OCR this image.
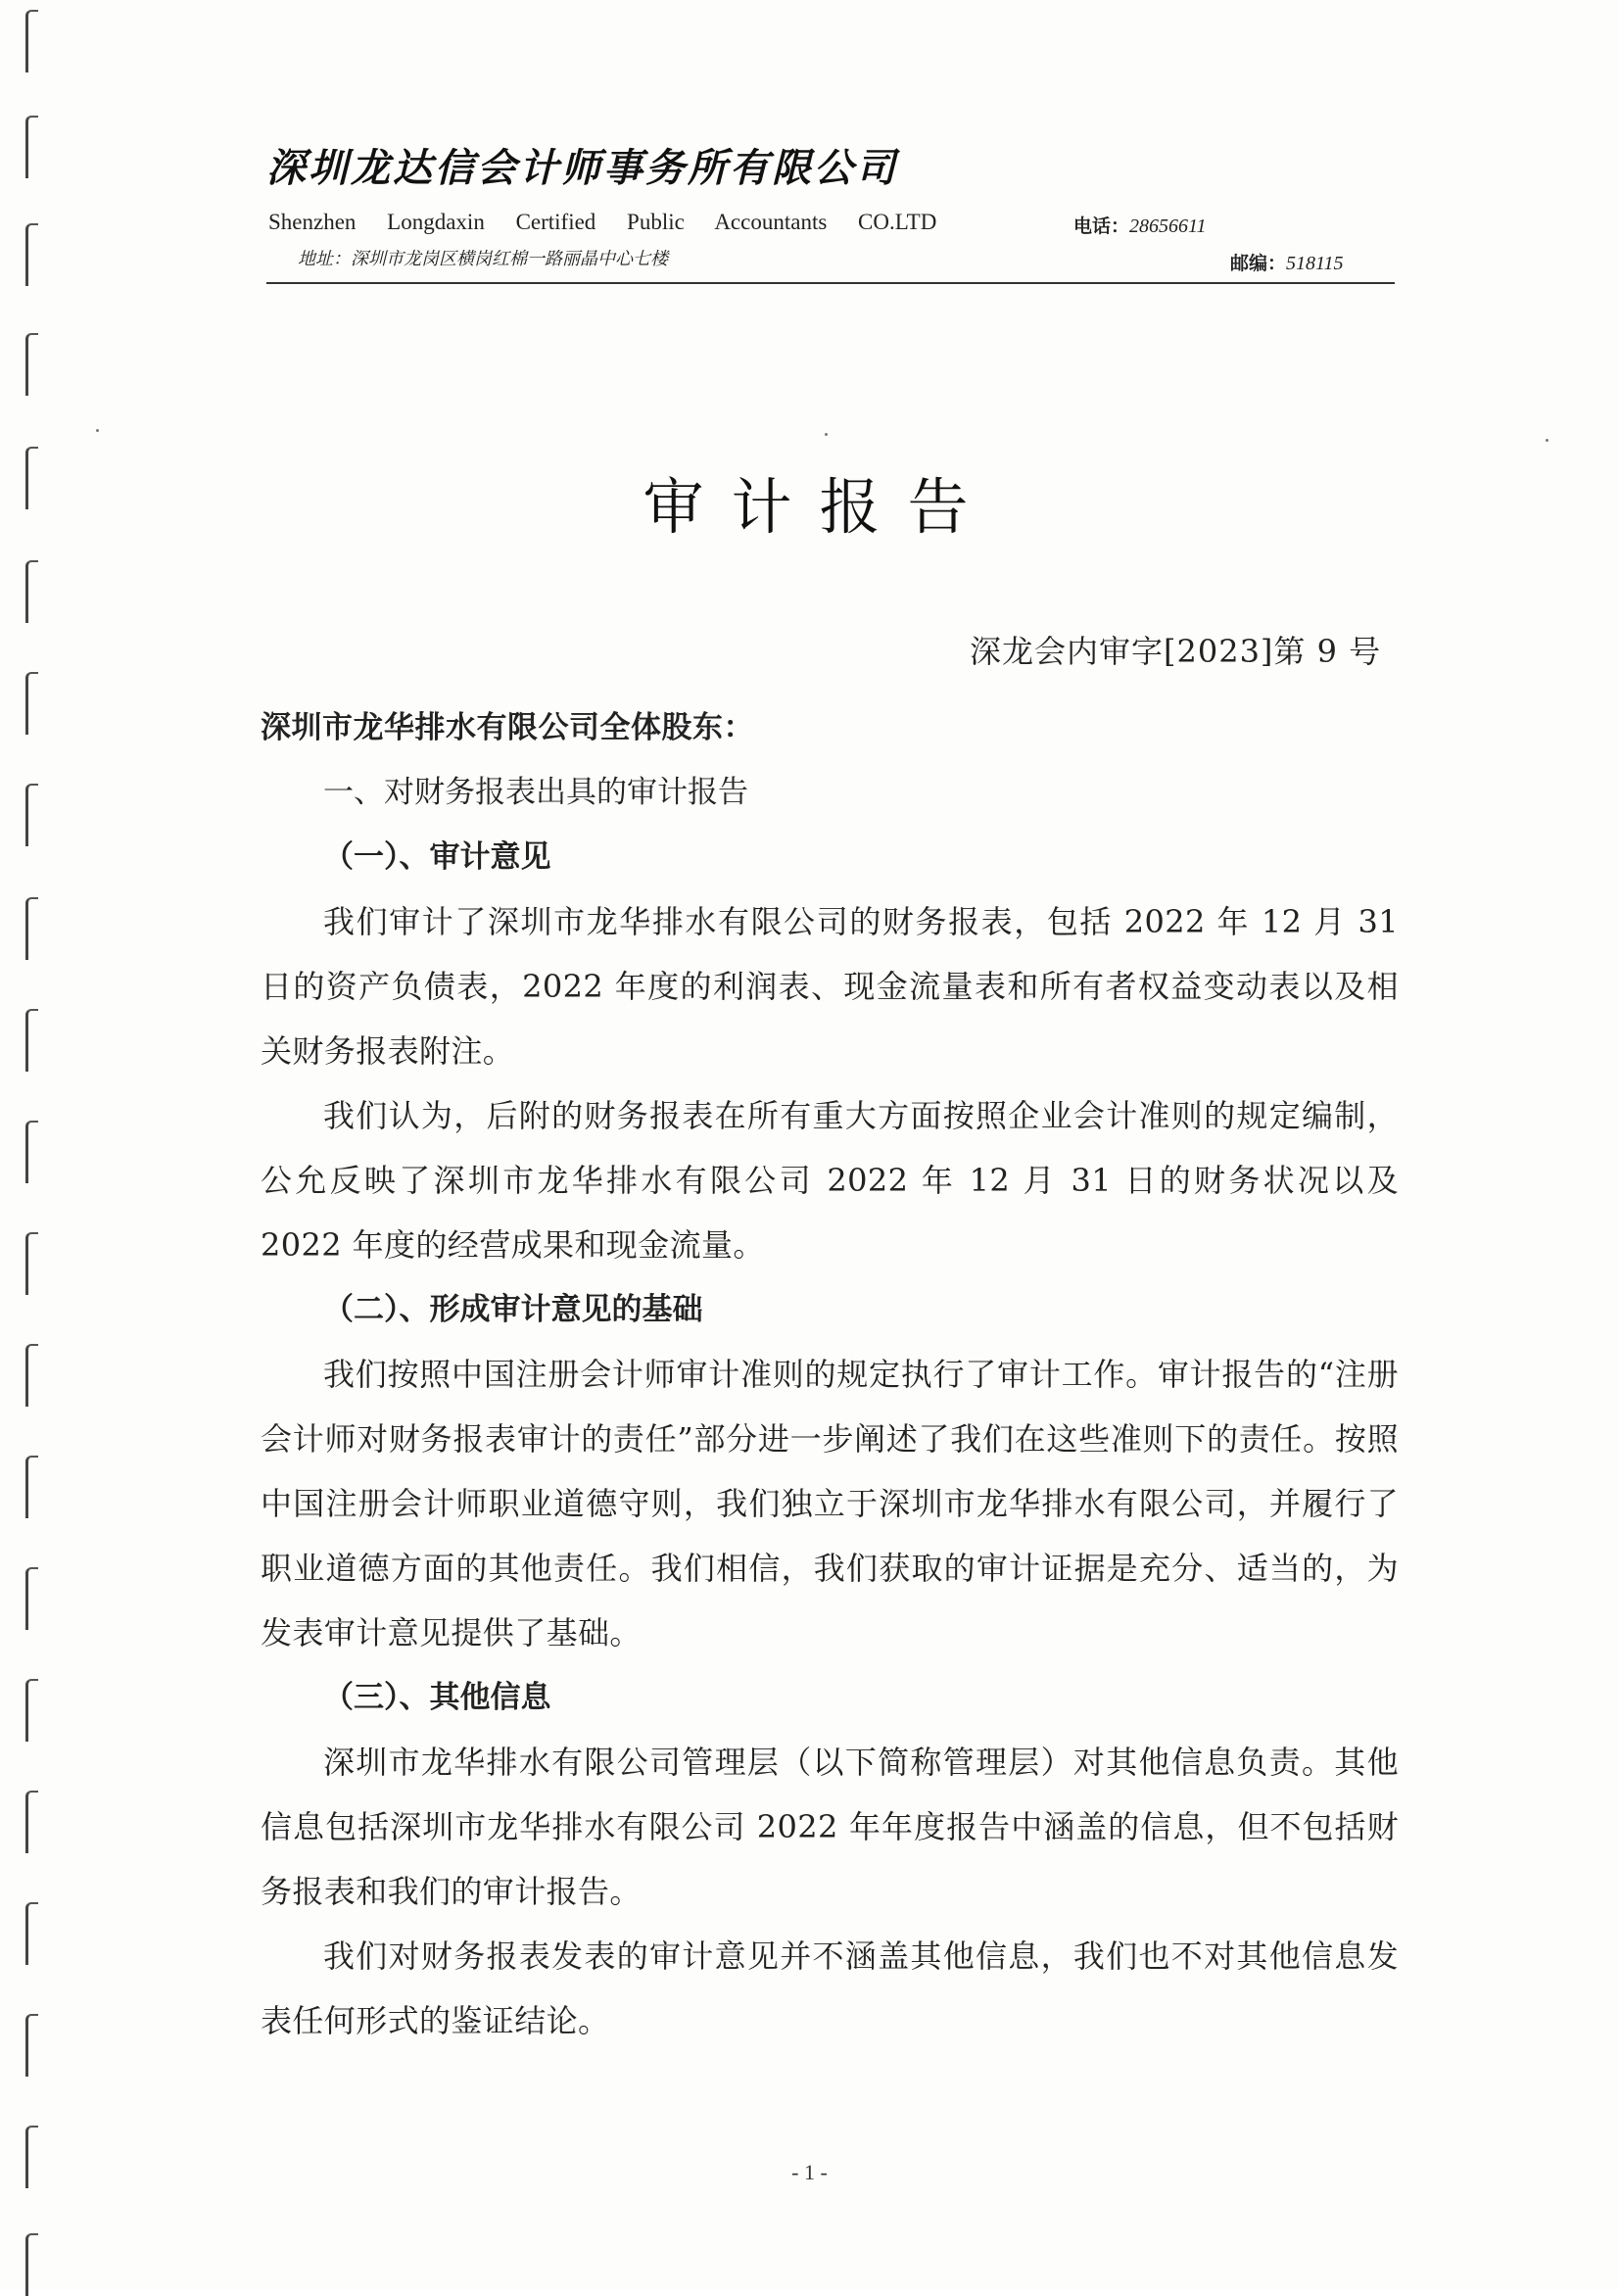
深圳龙达信会计师事务所有限公司
Shenzhen Longdaxin Certified Public Accountants CO.LTD	电话：28656611
地址：深圳市龙岗区横岗红棉一路丽晶中心七楼	邮编：518115
审计报告
深龙会内审字[2023]第 9 号
深圳市龙华排水有限公司全体股东：
一、对财务报表出具的审计报告
（一）、审计意见

我们审计了深圳市龙华排水有限公司的财务报表，包括 2022 年 12 月 31 日的资产负债表，2022 年度的利润表、现金流量表和所有者权益变动表以及相关财务报表附注。

我们认为，后附的财务报表在所有重大方面按照企业会计准则的规定编制，公允反映了深圳市龙华排水有限公司 2022 年 12 月 31 日的财务状况以及 2022 年度的经营成果和现金流量。

（二）、形成审计意见的基础

我们按照中国注册会计师审计准则的规定执行了审计工作。审计报告的“注册会计师对财务报表审计的责任”部分进一步阐述了我们在这些准则下的责任。按照中国注册会计师职业道德守则，我们独立于深圳市龙华排水有限公司，并履行了职业道德方面的其他责任。我们相信，我们获取的审计证据是充分、适当的，为发表审计意见提供了基础。

（三）、其他信息

深圳市龙华排水有限公司管理层（以下简称管理层）对其他信息负责。其他信息包括深圳市龙华排水有限公司 2022 年年度报告中涵盖的信息，但不包括财务报表和我们的审计报告。

我们对财务报表发表的审计意见并不涵盖其他信息，我们也不对其他信息发表任何形式的鉴证结论。

- 1 -
